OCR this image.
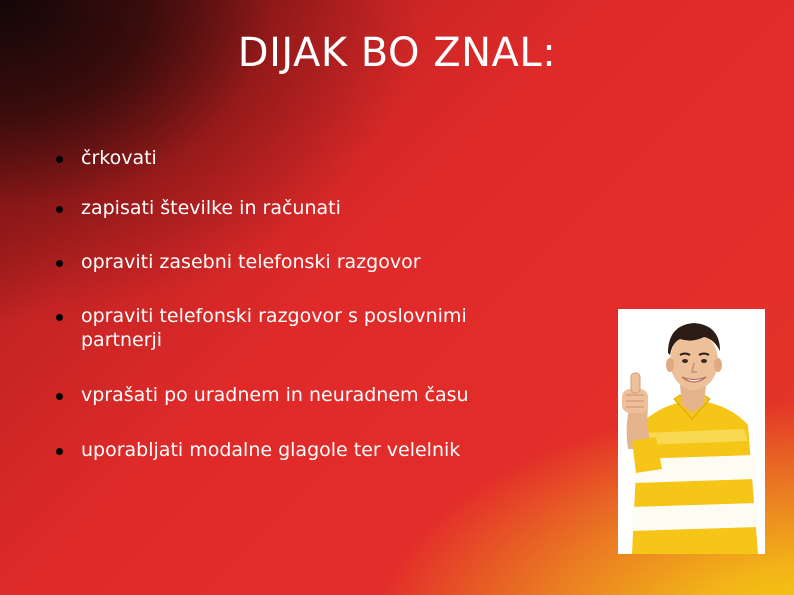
DIJAK BO ZNAL:
črkovati
zapisati številke in računati
opraviti zasebni telefonski razgovor
opraviti telefonski razgovor s poslovnimi partnerji
vprašati po uradnem in neuradnem času
uporabljati modalne glagole ter velelnik
